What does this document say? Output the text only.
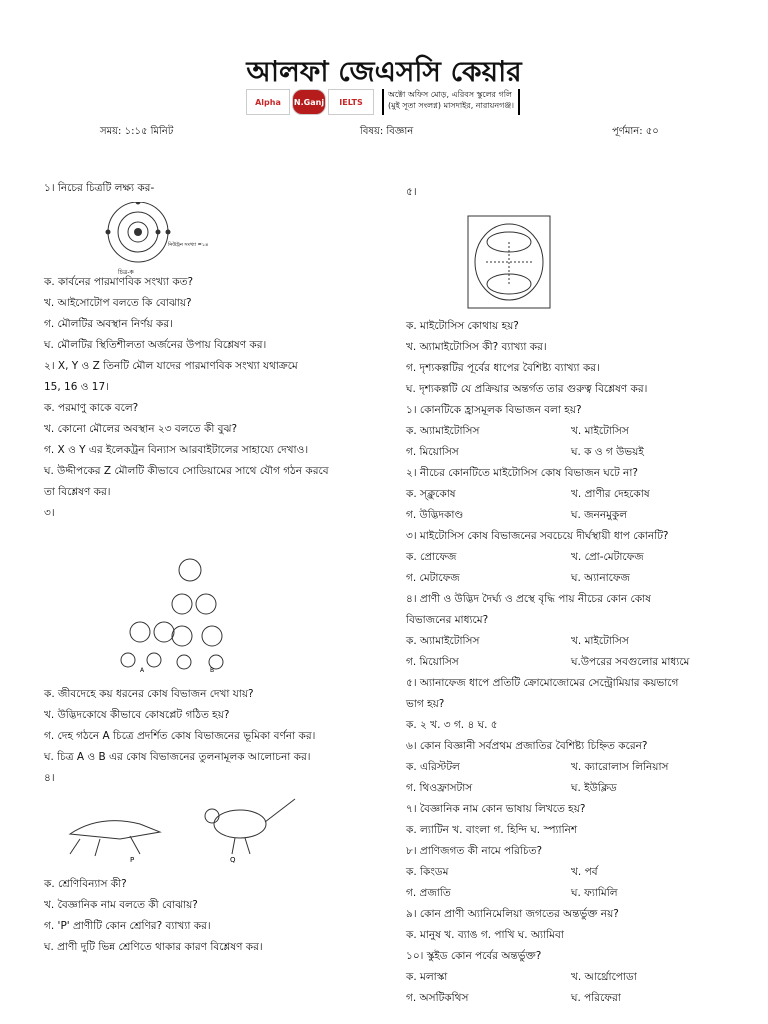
আলফা জেএসসি কেয়ার
Alpha	N.Ganj	IELTS
অক্টো অফিস মোড়, এরিবস স্কুলের গলি
(মুই সূতা সংলগ্ন) মাসদাইর, নারায়নগঞ্জ।
সময়: ১:১৫ মিনিট	বিষয়: বিজ্ঞান	পূর্ণমান: ৫০

১। নিচের চিত্রটি লক্ষ্য কর-

চিত্র-ক
নিউট্রন সংখ্যা =১৪

ক. কার্বনের পারমাণবিক সংখ্যা কত?

খ. আইসোটোপ বলতে কি বোঝায়?

গ. মৌলটির অবস্থান নির্ণয় কর।

ঘ. মৌলটির স্থিতিশীলতা অর্জনের উপায় বিশ্লেষণ কর।

২। X, Y ও Z তিনটি মৌল যাদের পারমাণবিক সংখ্যা যথাক্রমে

15, 16 ও 17।

ক. পরমাণু কাকে বলে?

খ. কোনো মৌলের অবস্থান ২৩ বলতে কী বুঝ?

গ. X ও Y এর ইলেকট্রন বিন্যাস আরবাইটালের সাহায্যে দেখাও।

ঘ. উদ্দীপকের Z মৌলটি কীভাবে সোডিয়ামের সাথে যৌগ গঠন করবে

তা বিশ্লেষণ কর।

৩।

A	B

ক. জীবদেহে কয় ধরনের কোষ বিভাজন দেখা যায়?

খ. উদ্ভিদকোষে কীভাবে কোষপ্লেট গঠিত হয়?

গ. দেহ গঠনে A চিত্রে প্রদর্শিত কোষ বিভাজনের ভূমিকা বর্ণনা কর।

ঘ. চিত্র A ও B এর কোষ বিভাজনের তুলনামূলক আলোচনা কর।

৪।

P	Q

ক. শ্রেণিবিন্যাস কী?

খ. বৈজ্ঞানিক নাম বলতে কী বোঝায়?

গ. 'P' প্রাণীটি কোন শ্রেণির? ব্যাখ্যা কর।

ঘ. প্রাণী দুটি ভিন্ন শ্রেণিতে থাকার কারণ বিশ্লেষণ কর।

৫।

ক. মাইটোসিস কোথায় হয়?

খ. অ্যামাইটোসিস কী? ব্যাখ্যা কর।

গ. দৃশ্যকল্পটির পূর্বের ধাপের বৈশিষ্ট্য ব্যাখ্যা কর।

ঘ. দৃশ্যকল্পটি যে প্রক্রিয়ার অন্তর্গত তার গুরুত্ব বিশ্লেষণ কর।

১। কোনটিকে হ্রাসমূলক বিভাজন বলা হয়?

ক. অ্যামাইটোসিস	খ. মাইটোসিস
গ. মিয়োসিস	ঘ. ক ও গ উভয়ই

২। নীচের কোনটিতে মাইটোসিস কোষ বিভাজন ঘটে না?

ক. স্ক্লুকোষ	খ. প্রাণীর দেহকোষ
গ. উদ্ভিদকাণ্ড	ঘ. জননমুকুল

৩। মাইটোসিস কোষ বিভাজনের সবচেয়ে দীর্ঘস্থায়ী ধাপ কোনটি?

ক. প্রোফেজ	খ. প্রো-মেটাফেজ
গ. মেটাফেজ	ঘ. অ্যানাফেজ

৪। প্রাণী ও উদ্ভিদ দৈর্ঘ্য ও প্রস্থে বৃদ্ধি পায় নীচের কোন কোষ

বিভাজনের মাধ্যমে?

ক. অ্যামাইটোসিস	খ. মাইটোসিস
গ. মিয়োসিস	ঘ.উপরের সবগুলোর মাধ্যমে

৫। অ্যানাফেজ ধাপে প্রতিটি ক্রোমোজোমের সেন্ট্রোমিয়ার কয়ভাগে

ভাগ হয়?

ক. ২ খ. ৩ গ. ৪ ঘ. ৫

৬। কোন বিজ্ঞানী সর্বপ্রথম প্রজাতির বৈশিষ্ট্য চিহ্নিত করেন?

ক. এরিস্টটল	খ. ক্যারোলাস লিনিয়াস
গ. থিওফ্রাসটাস	ঘ. ইউক্লিড

৭। বৈজ্ঞানিক নাম কোন ভাষায় লিখতে হয়?

ক. ল্যাটিন খ. বাংলা গ. হিন্দি ঘ. স্প্যানিশ

৮। প্রাণিজগত কী নামে পরিচিত?

ক. কিংডম	খ. পর্ব
গ. প্রজাতি	ঘ. ফ্যামিলি

৯। কোন প্রাণী অ্যানিমেলিয়া জগতের অন্তর্ভুক্ত নয়?

ক. মানুষ খ. ব্যাঙ গ. পাখি ঘ. অ্যামিবা

১০। স্কুইড কোন পর্বের অন্তর্ভুক্ত?

ক. মলাস্কা	খ. আর্থ্রোপোডা
গ. অসটিকথিস	ঘ. পরিফেরা
